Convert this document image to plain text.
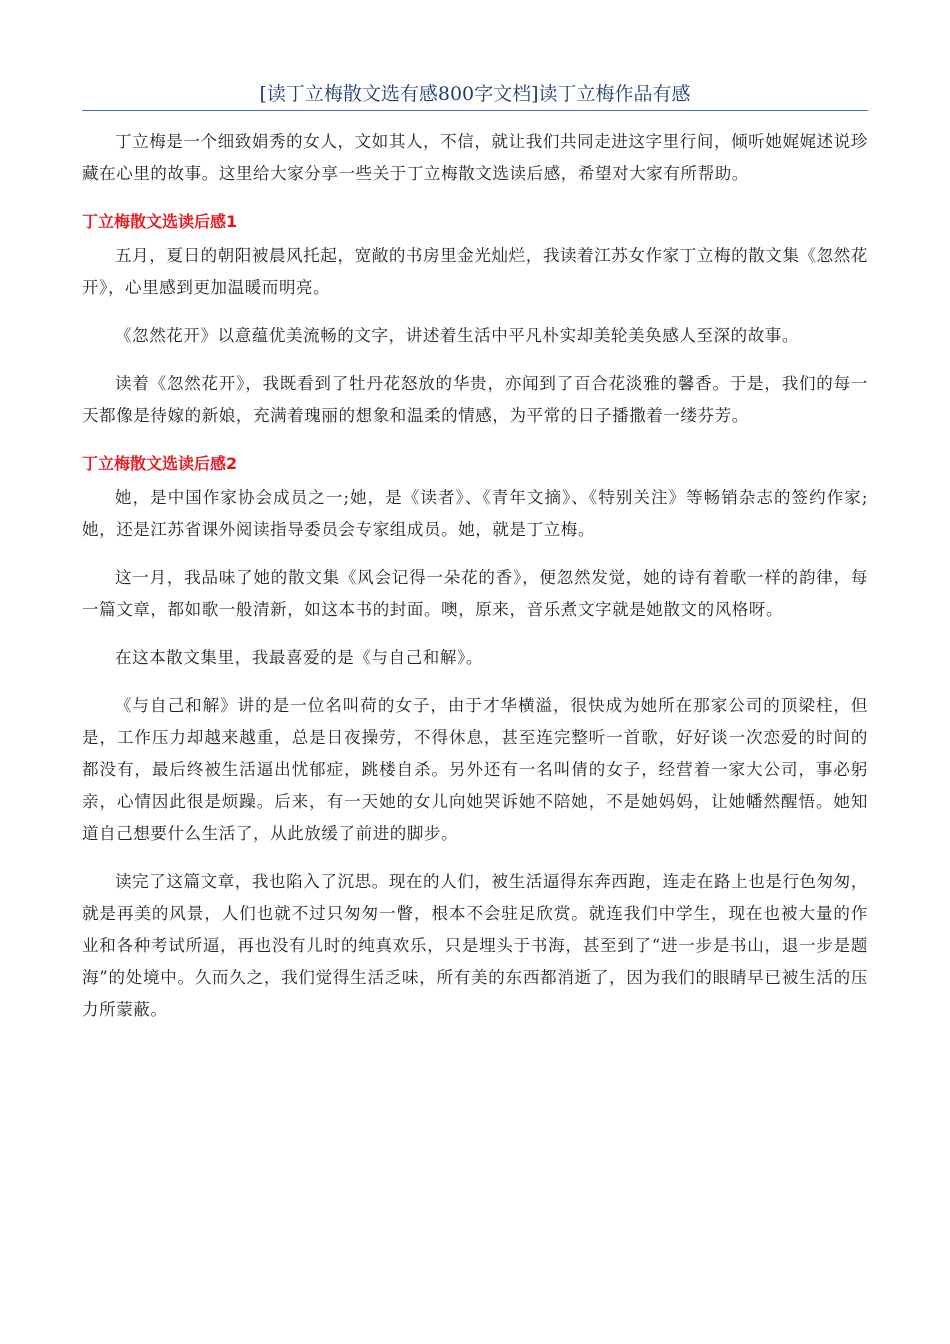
[读丁立梅散文选有感800字文档]读丁立梅作品有感

丁立梅是一个细致娟秀的女人，文如其人，不信，就让我们共同走进这字里行间，倾听她娓娓述说珍藏在心里的故事。这里给大家分享一些关于丁立梅散文选读后感，希望对大家有所帮助。

丁立梅散文选读后感1

五月，夏日的朝阳被晨风托起，宽敞的书房里金光灿烂，我读着江苏女作家丁立梅的散文集《忽然花开》，心里感到更加温暖而明亮。

《忽然花开》以意蕴优美流畅的文字，讲述着生活中平凡朴实却美轮美奂感人至深的故事。

读着《忽然花开》，我既看到了牡丹花怒放的华贵，亦闻到了百合花淡雅的馨香。于是，我们的每一天都像是待嫁的新娘，充满着瑰丽的想象和温柔的情感，为平常的日子播撒着一缕芬芳。

丁立梅散文选读后感2

她，是中国作家协会成员之一;她，是《读者》、《青年文摘》、《特别关注》等畅销杂志的签约作家;她，还是江苏省课外阅读指导委员会专家组成员。她，就是丁立梅。

这一月，我品味了她的散文集《风会记得一朵花的香》，便忽然发觉，她的诗有着歌一样的韵律，每一篇文章，都如歌一般清新，如这本书的封面。噢，原来，音乐煮文字就是她散文的风格呀。

在这本散文集里，我最喜爱的是《与自己和解》。

《与自己和解》讲的是一位名叫荷的女子，由于才华横溢，很快成为她所在那家公司的顶梁柱，但是，工作压力却越来越重，总是日夜操劳，不得休息，甚至连完整听一首歌，好好谈一次恋爱的时间的都没有，最后终被生活逼出忧郁症，跳楼自杀。另外还有一名叫倩的女子，经营着一家大公司，事必躬亲，心情因此很是烦躁。后来，有一天她的女儿向她哭诉她不陪她，不是她妈妈，让她幡然醒悟。她知道自己想要什么生活了，从此放缓了前进的脚步。

读完了这篇文章，我也陷入了沉思。现在的人们，被生活逼得东奔西跑，连走在路上也是行色匆匆，就是再美的风景，人们也就不过只匆匆一瞥，根本不会驻足欣赏。就连我们中学生，现在也被大量的作业和各种考试所逼，再也没有儿时的纯真欢乐，只是埋头于书海，甚至到了“进一步是书山，退一步是题海”的处境中。久而久之，我们觉得生活乏味，所有美的东西都消逝了，因为我们的眼睛早已被生活的压力所蒙蔽。
